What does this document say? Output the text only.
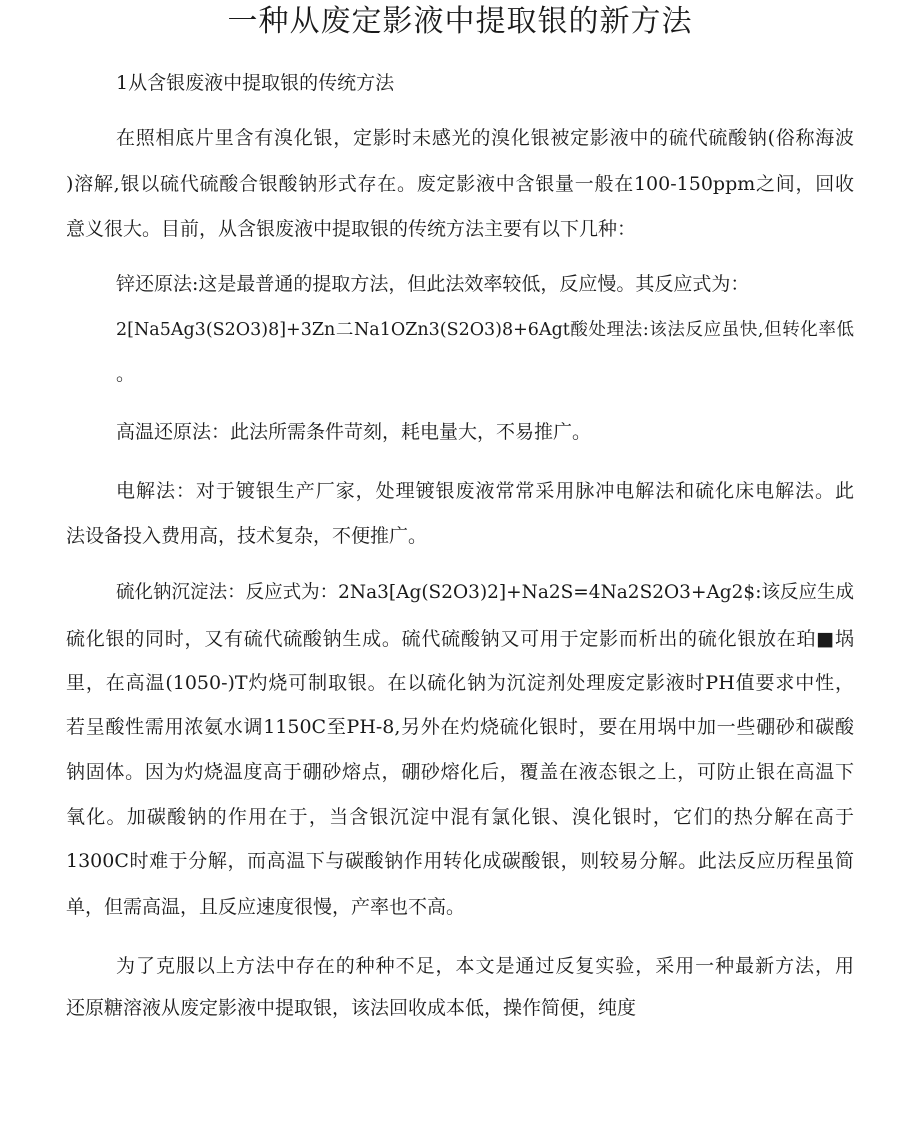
一种从废定影液中提取银的新方法

1从含银废液中提取银的传统方法

在照相底片里含有溴化银，定影时未感光的溴化银被定影液中的硫代硫酸钠(俗称海波

)溶解,银以硫代硫酸合银酸钠形式存在。废定影液中含银量一般在100-150ppm之间，回收

意义很大。目前，从含银废液中提取银的传统方法主要有以下几种：

锌还原法:这是最普通的提取方法，但此法效率较低，反应慢。其反应式为：

2[Na5Ag3(S2O3)8]+3Zn二Na1OZn3(S2O3)8+6Agt酸处理法:该法反应虽快,但转化率低

。

高温还原法：此法所需条件苛刻，耗电量大，不易推广。

电解法：对于镀银生产厂家，处理镀银废液常常采用脉冲电解法和硫化床电解法。此

法设备投入费用高，技术复杂，不便推广。

硫化钠沉淀法：反应式为：2Na3[Ag(S2O3)2]+Na2S=4Na2S2O3+Ag2$:该反应生成

硫化银的同时，又有硫代硫酸钠生成。硫代硫酸钠又可用于定影而析出的硫化银放在珀■埚

里，在高温(1050-)T灼烧可制取银。在以硫化钠为沉淀剂处理废定影液时PH值要求中性，

若呈酸性需用浓氨水调1150C至PH-8,另外在灼烧硫化银时，要在用埚中加一些硼砂和碳酸

钠固体。因为灼烧温度高于硼砂熔点，硼砂熔化后，覆盖在液态银之上，可防止银在高温下

氧化。加碳酸钠的作用在于，当含银沉淀中混有氯化银、溴化银时，它们的热分解在高于

1300C时难于分解，而高温下与碳酸钠作用转化成碳酸银，则较易分解。此法反应历程虽简

单，但需高温，且反应速度很慢，产率也不高。

为了克服以上方法中存在的种种不足，本文是通过反复实验，采用一种最新方法，用

还原糖溶液从废定影液中提取银，该法回收成本低，操作简便，纯度
